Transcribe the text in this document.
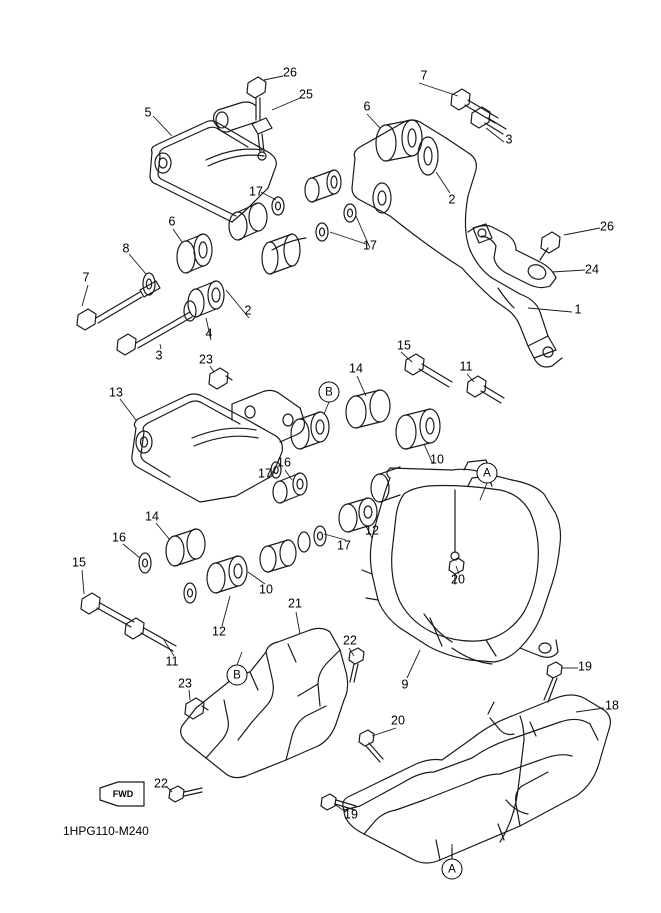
26
25
7
6
3
5
2
17
26
6
8	17
24
7
2	1
4
3
15
23
14	11
13
16	10
17
14
12
16
17
15
20
10
21
12
11
22
19
9
23
18
20
22
19
B
A
B
A
FWD
1HPG110-M240
